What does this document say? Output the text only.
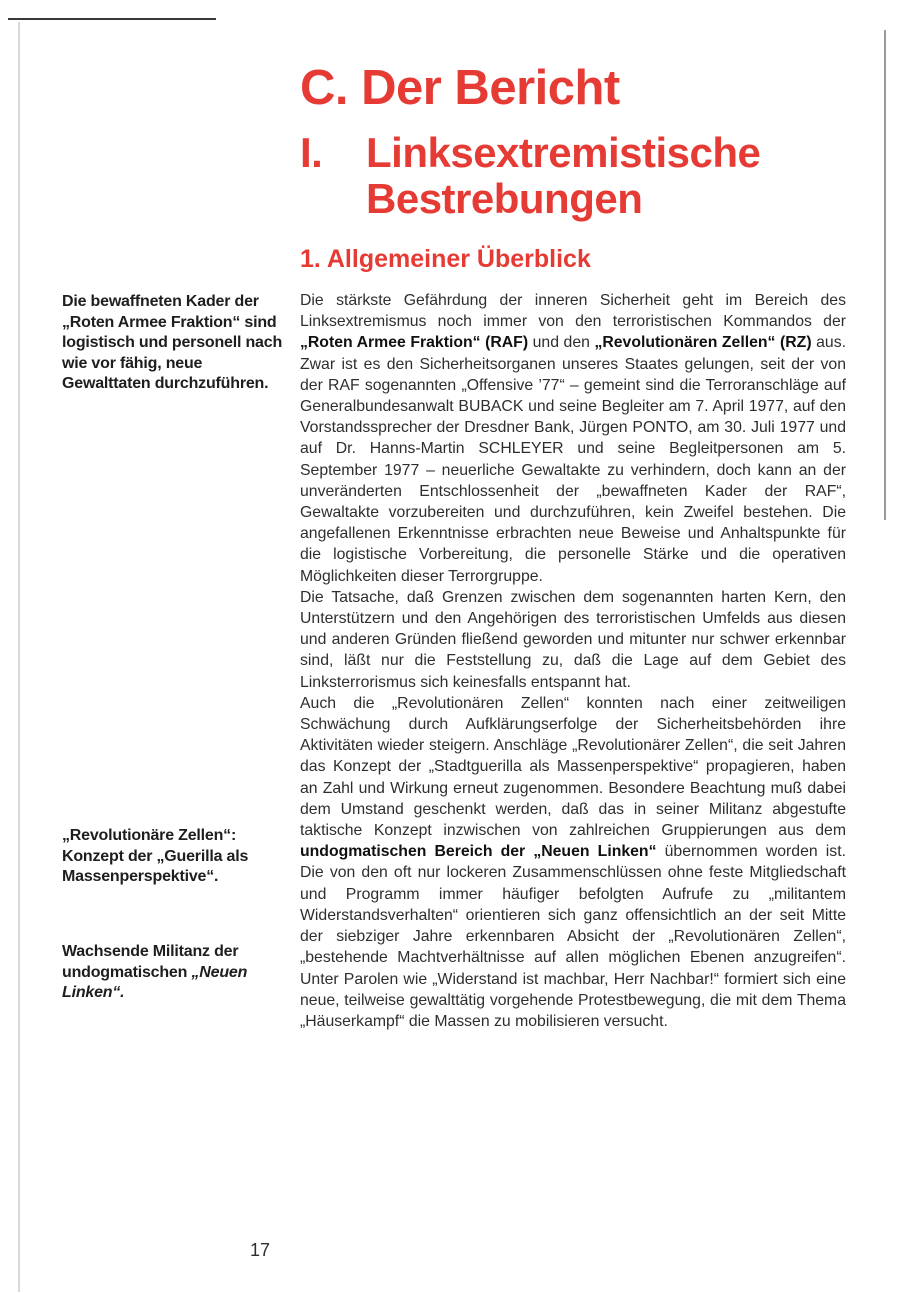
C. Der Bericht
I. Linksextremistische
Bestrebungen
1. Allgemeiner Überblick

Die bewaffneten Kader der „Roten Armee Fraktion“ sind logistisch und personell nach wie vor fähig, neue Gewalttaten durchzuführen.

„Revolutionäre Zellen“: Konzept der „Guerilla als Massenperspektive“.

Wachsende Militanz der undogmatischen „Neuen Linken“.

Die stärkste Gefährdung der inneren Sicherheit geht im Bereich des Linksextremismus noch immer von den terroristischen Kommandos der „Roten Armee Fraktion“ (RAF) und den „Revolutionären Zellen“ (RZ) aus. Zwar ist es den Sicherheitsorganen unseres Staates gelungen, seit der von der RAF sogenannten „Offensive ’77“ – gemeint sind die Terroranschläge auf Generalbundesanwalt BUBACK und seine Begleiter am 7. April 1977, auf den Vorstandssprecher der Dresdner Bank, Jürgen PONTO, am 30. Juli 1977 und auf Dr. Hanns-Martin SCHLEYER und seine Begleitpersonen am 5. September 1977 – neuerliche Gewaltakte zu verhindern, doch kann an der unveränderten Entschlossenheit der „bewaffneten Kader der RAF“, Gewaltakte vorzubereiten und durchzuführen, kein Zweifel bestehen. Die angefallenen Erkenntnisse erbrachten neue Beweise und Anhaltspunkte für die logistische Vorbereitung, die personelle Stärke und die operativen Möglichkeiten dieser Terrorgruppe.

Die Tatsache, daß Grenzen zwischen dem sogenannten harten Kern, den Unterstützern und den Angehörigen des terroristischen Umfelds aus diesen und anderen Gründen fließend geworden und mitunter nur schwer erkennbar sind, läßt nur die Feststellung zu, daß die Lage auf dem Gebiet des Linksterrorismus sich keinesfalls entspannt hat.

Auch die „Revolutionären Zellen“ konnten nach einer zeitweiligen Schwächung durch Aufklärungserfolge der Sicherheitsbehörden ihre Aktivitäten wieder steigern. Anschläge „Revolutionärer Zellen“, die seit Jahren das Konzept der „Stadtguerilla als Massenperspektive“ propagieren, haben an Zahl und Wirkung erneut zugenommen. Besondere Beachtung muß dabei dem Umstand geschenkt werden, daß das in seiner Militanz abgestufte taktische Konzept inzwischen von zahlreichen Gruppierungen aus dem undogmatischen Bereich der „Neuen Linken“ übernommen worden ist. Die von den oft nur lockeren Zusammenschlüssen ohne feste Mitgliedschaft und Programm immer häufiger befolgten Aufrufe zu „militantem Widerstandsverhalten“ orientieren sich ganz offensichtlich an der seit Mitte der siebziger Jahre erkennbaren Absicht der „Revolutionären Zellen“, „bestehende Machtverhältnisse auf allen möglichen Ebenen anzugreifen“. Unter Parolen wie „Widerstand ist machbar, Herr Nachbar!“ formiert sich eine neue, teilweise gewalttätig vorgehende Protestbewegung, die mit dem Thema „Häuserkampf“ die Massen zu mobilisieren versucht.

17
